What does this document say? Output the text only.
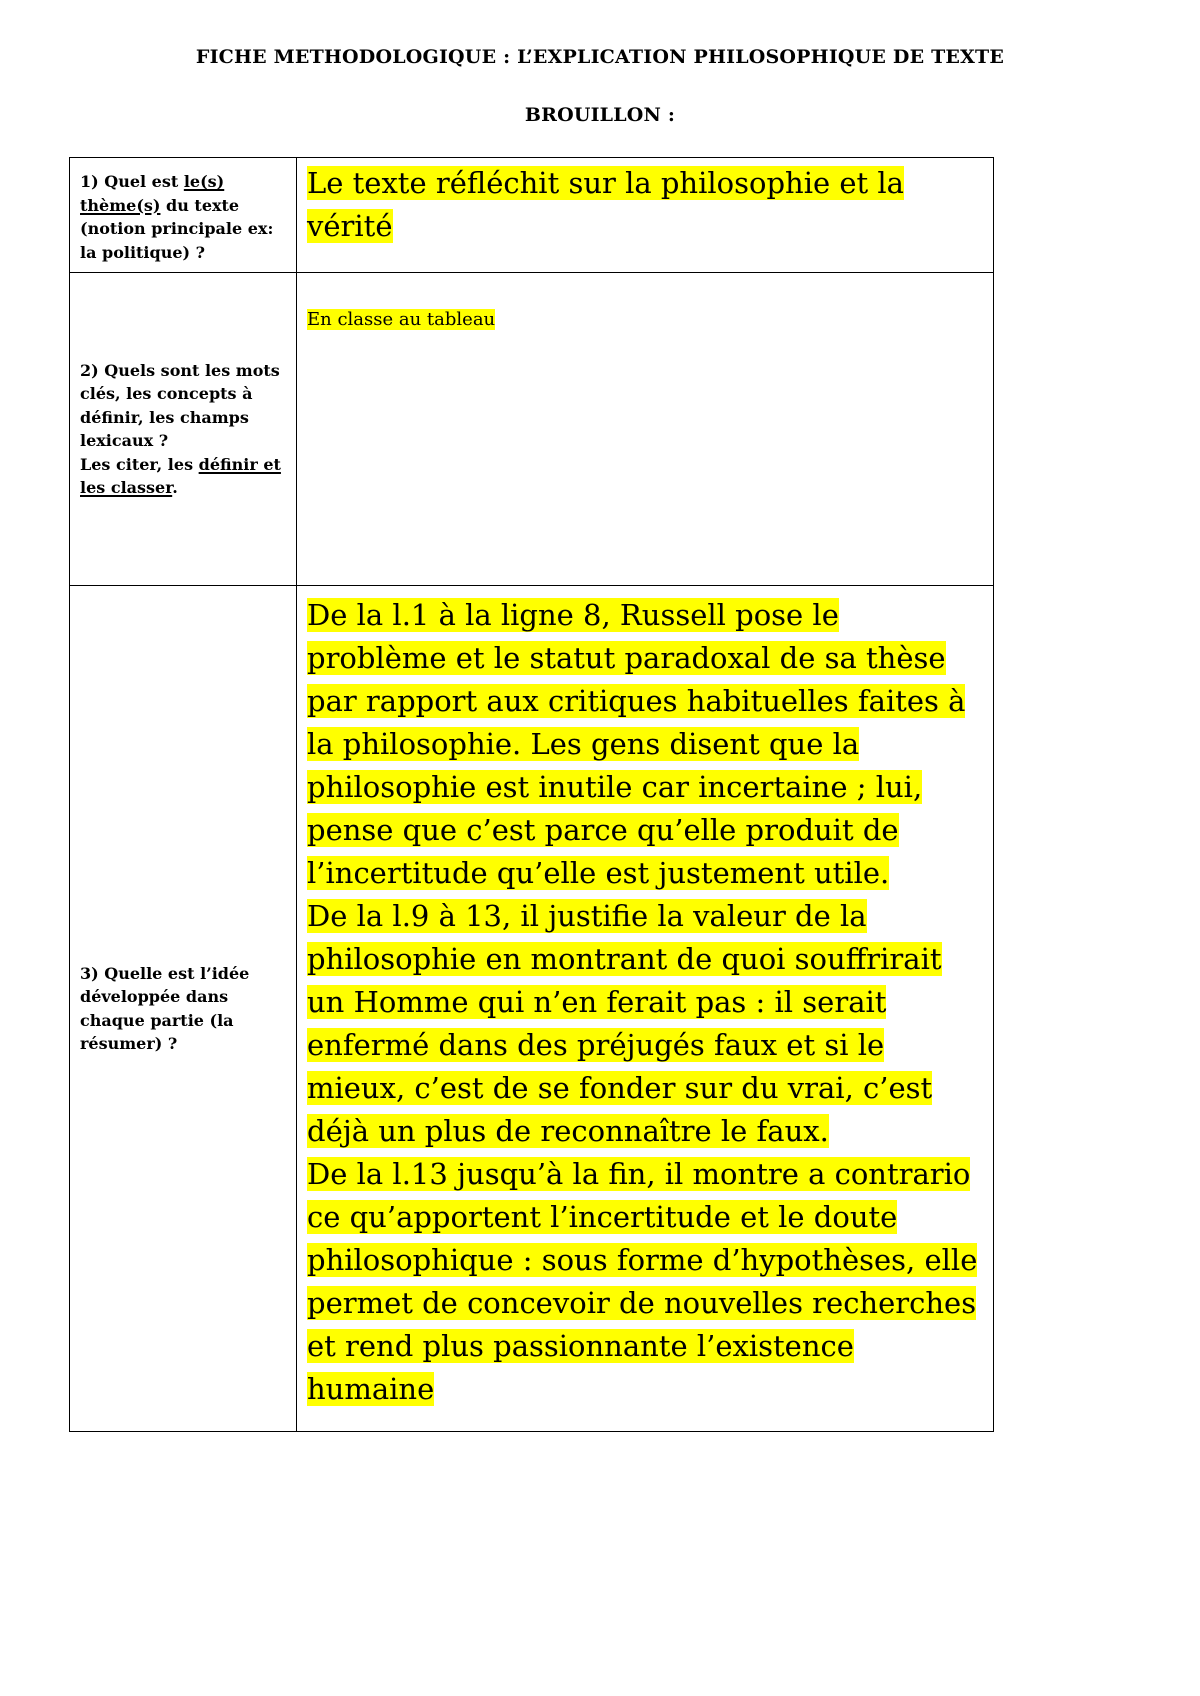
FICHE METHODOLOGIQUE : L’EXPLICATION PHILOSOPHIQUE DE TEXTE
BROUILLON :
1) Quel est le(s) thème(s) du texte (notion principale ex: la politique) ?	Le texte réfléchit sur la philosophie et la vérité

2) Quels sont les mots clés, les concepts à définir, les champs lexicaux ?
Les citer, les définir et les classer.	En classe au tableau

3) Quelle est l’idée développée dans chaque partie (la résumer) ?	De la l.1 à la ligne 8, Russell pose le problème et le statut paradoxal de sa thèse par rapport aux critiques habituelles faites à la philosophie. Les gens disent que la philosophie est inutile car incertaine ; lui, pense que c’est parce qu’elle produit de l’incertitude qu’elle est justement utile.
De la l.9 à 13, il justifie la valeur de la philosophie en montrant de quoi souffrirait un Homme qui n’en ferait pas : il serait enfermé dans des préjugés faux et si le mieux, c’est de se fonder sur du vrai, c’est déjà un plus de reconnaître le faux.
De la l.13 jusqu’à la fin, il montre a contrario ce qu’apportent l’incertitude et le doute philosophique : sous forme d’hypothèses, elle permet de concevoir de nouvelles recherches et rend plus passionnante l’existence humaine
